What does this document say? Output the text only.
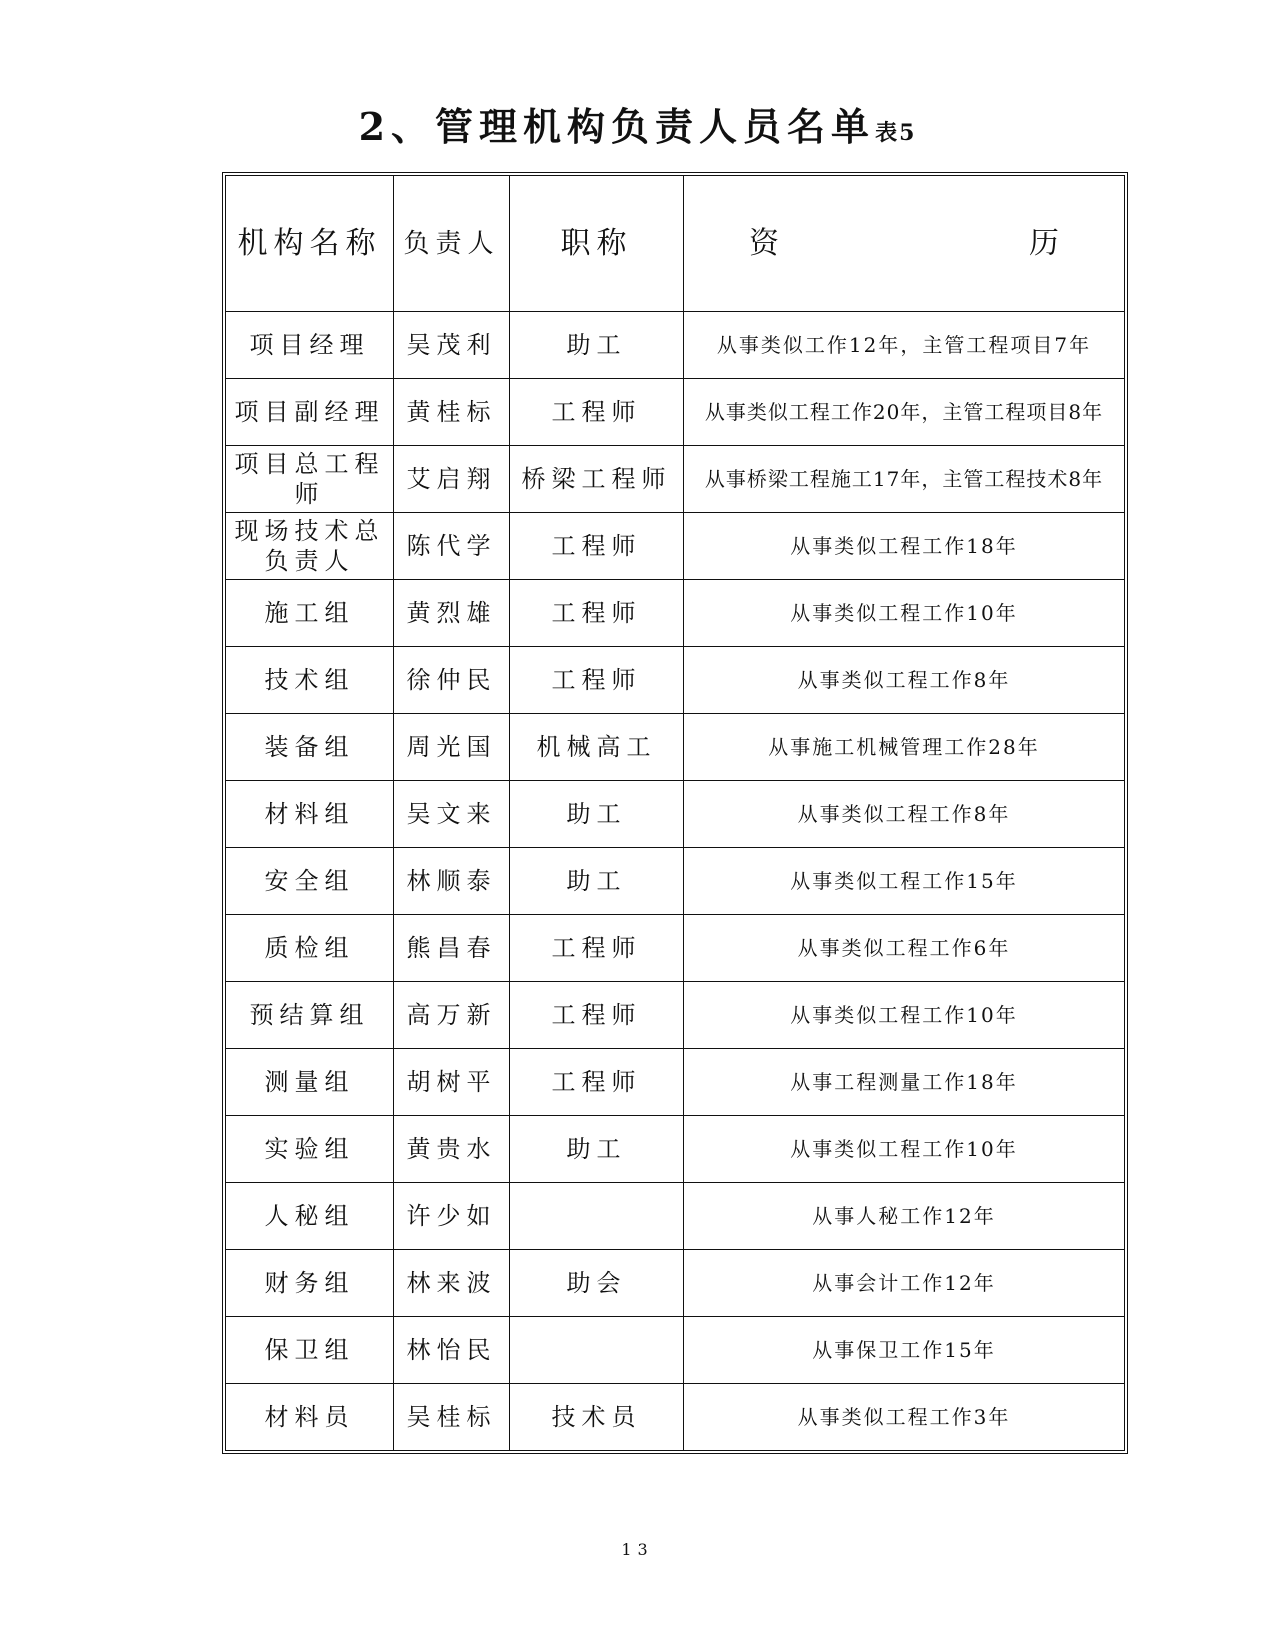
2、管理机构负责人员名单表5
机构名称	负责人	职称	资 历
项目经理	吴茂利	助工	从事类似工作12年，主管工程项目7年
项目副经理	黄桂标	工程师	从事类似工程工作20年，主管工程项目8年
项目总工程师	艾启翔	桥梁工程师	从事桥梁工程施工17年，主管工程技术8年
现场技术总负责人	陈代学	工程师	从事类似工程工作18年
施工组	黄烈雄	工程师	从事类似工程工作10年
技术组	徐仲民	工程师	从事类似工程工作8年
装备组	周光国	机械高工	从事施工机械管理工作28年
材料组	吴文来	助工	从事类似工程工作8年
安全组	林顺泰	助工	从事类似工程工作15年
质检组	熊昌春	工程师	从事类似工程工作6年
预结算组	高万新	工程师	从事类似工程工作10年
测量组	胡树平	工程师	从事工程测量工作18年
实验组	黄贵水	助工	从事类似工程工作10年
人秘组	许少如		从事人秘工作12年
财务组	林来波	助会	从事会计工作12年
保卫组	林怡民		从事保卫工作15年
材料员	吴桂标	技术员	从事类似工程工作3年
13
